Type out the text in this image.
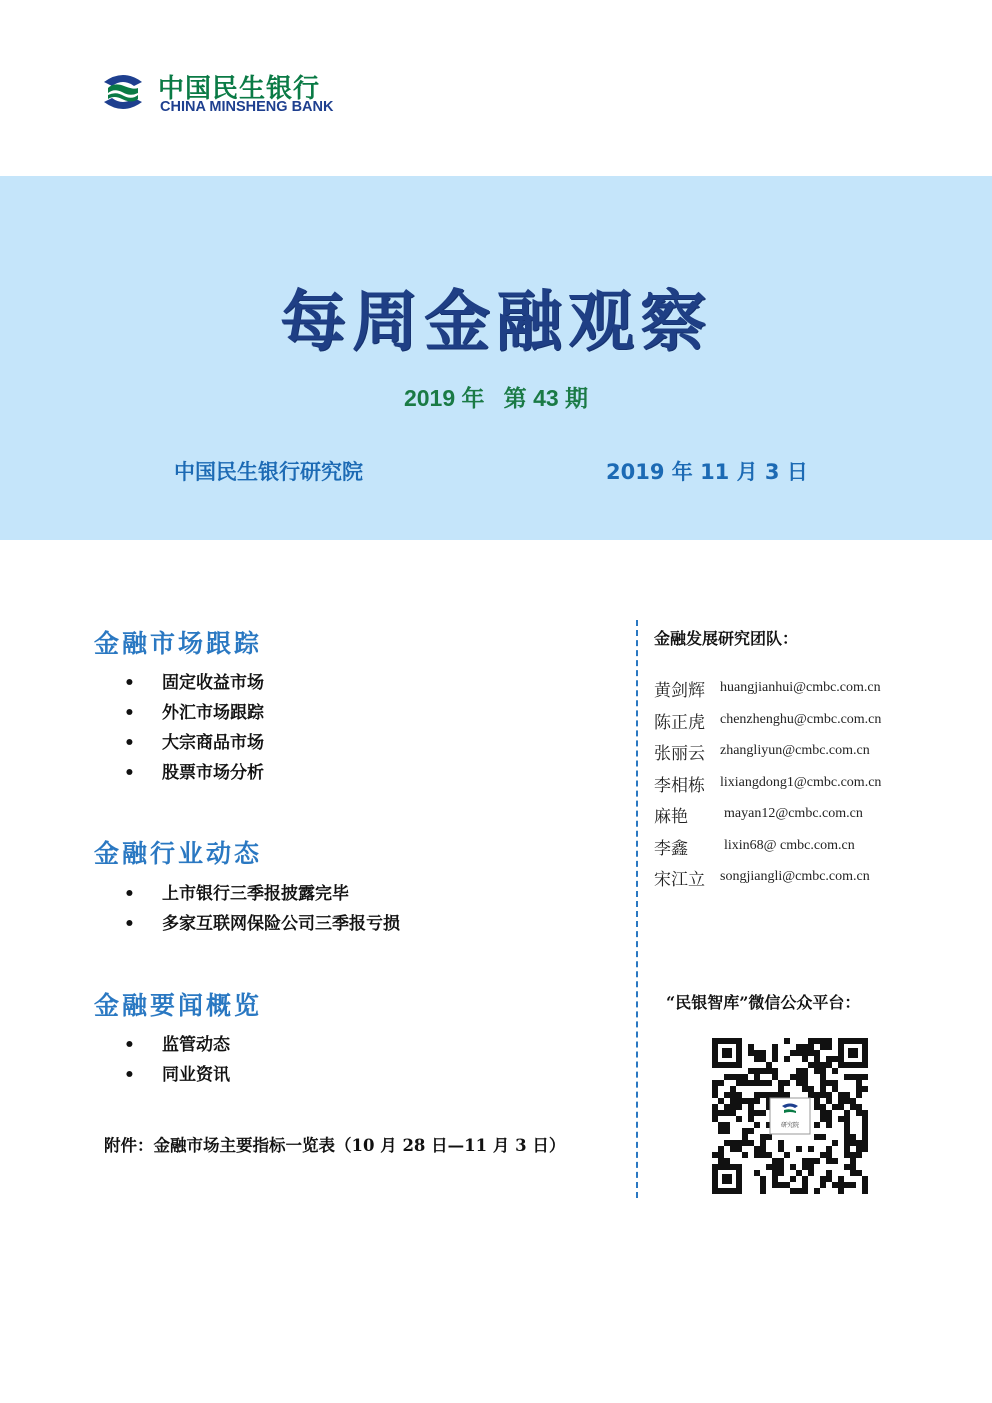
中国民生银行
CHINA MINSHENG BANK
每周金融观察
2019 年   第 43 期
中国民生银行研究院	2019 年 11 月 3 日
金融市场跟踪
• 固定收益市场
• 外汇市场跟踪
• 大宗商品市场
• 股票市场分析
金融行业动态
• 上市银行三季报披露完毕
• 多家互联网保险公司三季报亏损
金融要闻概览
• 监管动态
• 同业资讯
附件：金融市场主要指标一览表（10 月 28 日—11 月 3 日）
金融发展研究团队：
黄剑辉 huangjianhui@cmbc.com.cn
陈正虎 chenzhenghu@cmbc.com.cn
张丽云 zhangliyun@cmbc.com.cn
李相栋 lixiangdong1@cmbc.com.cn
麻艳	mayan12@cmbc.com.cn
李鑫	lixin68@ cmbc.com.cn
宋江立 songjiangli@cmbc.com.cn
“民银智库”微信公众平台：
研究院
